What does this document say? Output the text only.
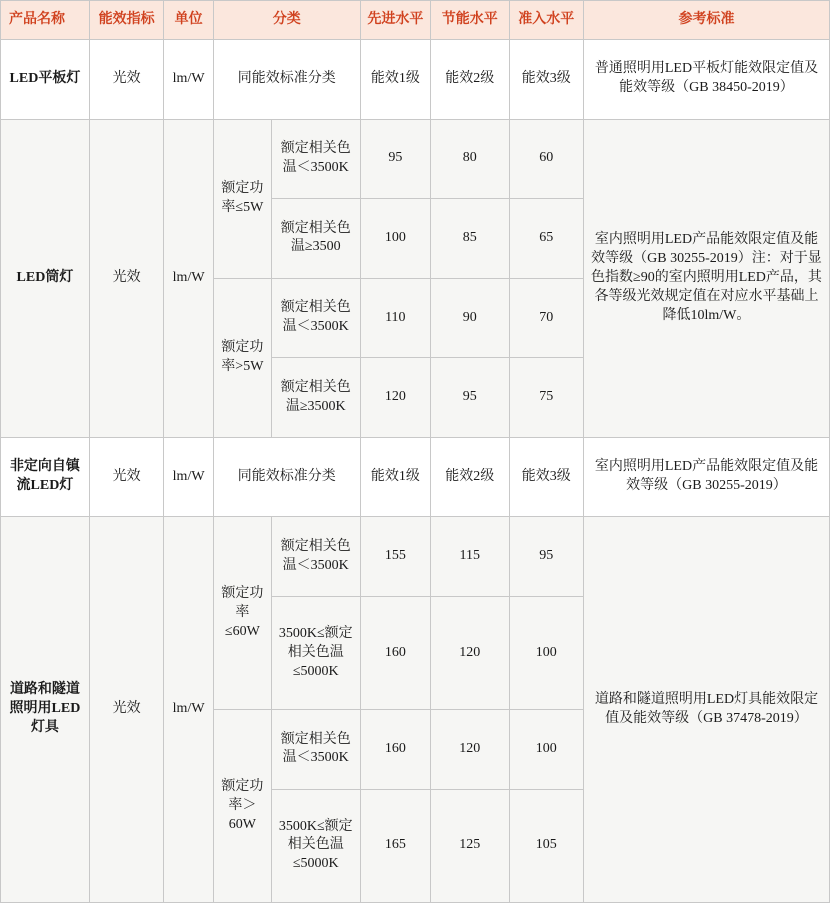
产品名称	能效指标	单位	分类		先进水平	节能水平	准入水平	参考标准
LED平板灯	光效	lm/W	同能效标准分类		能效1级	能效2级	能效3级	普通照明用LED平板灯能效限定值及能效等级（GB 38450-2019）
LED筒灯	光效	lm/W	额定功率≤5W	额定相关色温＜3500K	95	80	60	室内照明用LED产品能效限定值及能效等级（GB 30255-2019）注：对于显色指数≥90的室内照明用LED产品，其各等级光效规定值在对应水平基础上降低10lm/W。
				额定相关色温≥3500	100	85	65	
			额定功率>5W	额定相关色温＜3500K	110	90	70	
				额定相关色温≥3500K	120	95	75	
非定向自镇流LED灯	光效	lm/W	同能效标准分类		能效1级	能效2级	能效3级	室内照明用LED产品能效限定值及能效等级（GB 30255-2019）
道路和隧道照明用LED灯具	光效	lm/W	额定功率≤60W	额定相关色温＜3500K	155	115	95	道路和隧道照明用LED灯具能效限定值及能效等级（GB 37478-2019）
				3500K≤额定相关色温≤5000K	160	120	100	
			额定功率＞60W	额定相关色温＜3500K	160	120	100	
				3500K≤额定相关色温≤5000K	165	125	105	
